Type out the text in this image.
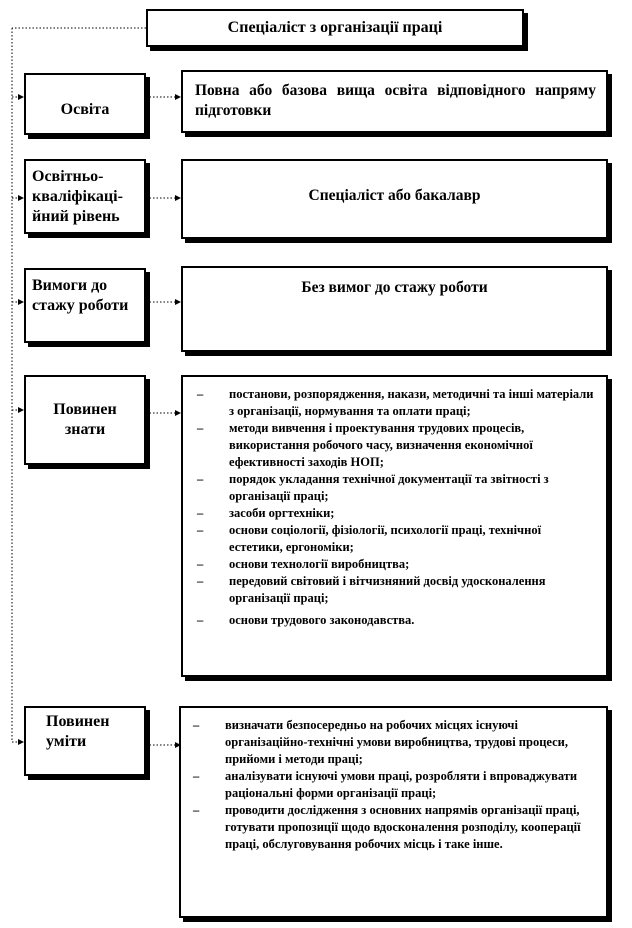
Спеціаліст з організації праці
Освіта
Повна або базова вища освіта відповідного напряму підготовки
Освітньо-кваліфікаці-йний рівень
Спеціаліст або бакалавр
Вимоги до стажу роботи
Без вимог до стажу роботи
Повинен знати
– постанови, розпорядження, накази, методичні та інші матеріали з організації, нормування та оплати праці;
– методи вивчення і проектування трудових процесів, використання робочого часу, визначення економічної ефективності заходів НОП;
– порядок укладання технічної документації та звітності з організації праці;
– засоби оргтехніки;
– основи соціології, фізіології, психології праці, технічної естетики, ергономіки;
– основи технології виробництва;
– передовий світовий і вітчизняний досвід удосконалення організації праці;
– основи трудового законодавства.
Повинен уміти
– визначати безпосередньо на робочих місцях існуючі організаційно-технічні умови виробництва, трудові процеси, прийоми і методи праці;
– аналізувати існуючі умови праці, розробляти і впроваджувати раціональні форми організації праці;
– проводити дослідження з основних напрямів організації праці, готувати пропозиції щодо вдосконалення розподілу, кооперації праці, обслуговування робочих місць і таке інше.
